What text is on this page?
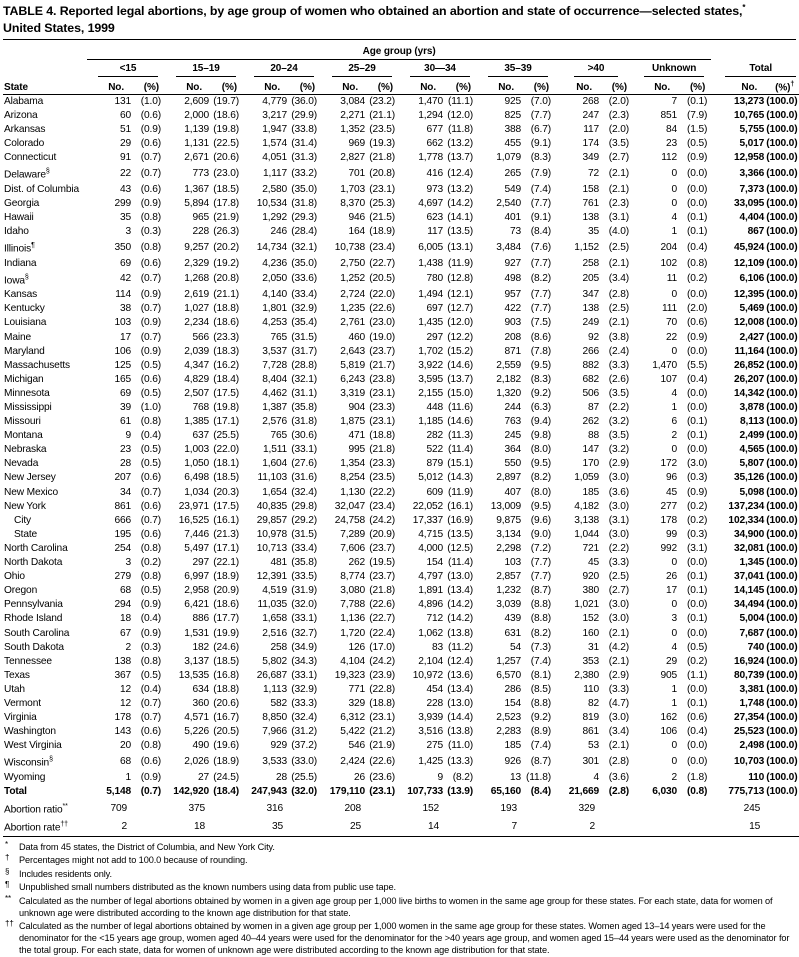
TABLE 4. Reported legal abortions, by age group of women who obtained an abortion and state of occurrence—selected states,*
United States, 1999
	Age group (yrs)																	

	<15		15–19		20–24		25–29		30—34		35–39		>40		Unknown		Total	

State	No.	(%)	No.	(%)	No.	(%)	No.	(%)	No.	(%)	No.	(%)	No.	(%)	No.	(%)	No.	(%)†
Alabama	131	(1.0)	2,609	(19.7)	4,779	(36.0)	3,084	(23.2)	1,470	(11.1)	925	(7.0)	268	(2.0)	7	(0.1)	13,273	(100.0)
Arizona	60	(0.6)	2,000	(18.6)	3,217	(29.9)	2,271	(21.1)	1,294	(12.0)	825	(7.7)	247	(2.3)	851	(7.9)	10,765	(100.0)
Arkansas	51	(0.9)	1,139	(19.8)	1,947	(33.8)	1,352	(23.5)	677	(11.8)	388	(6.7)	117	(2.0)	84	(1.5)	5,755	(100.0)
Colorado	29	(0.6)	1,131	(22.5)	1,574	(31.4)	969	(19.3)	662	(13.2)	455	(9.1)	174	(3.5)	23	(0.5)	5,017	(100.0)
Connecticut	91	(0.7)	2,671	(20.6)	4,051	(31.3)	2,827	(21.8)	1,778	(13.7)	1,079	(8.3)	349	(2.7)	112	(0.9)	12,958	(100.0)
Delaware§	22	(0.7)	773	(23.0)	1,117	(33.2)	701	(20.8)	416	(12.4)	265	(7.9)	72	(2.1)	0	(0.0)	3,366	(100.0)
Dist. of Columbia	43	(0.6)	1,367	(18.5)	2,580	(35.0)	1,703	(23.1)	973	(13.2)	549	(7.4)	158	(2.1)	0	(0.0)	7,373	(100.0)
Georgia	299	(0.9)	5,894	(17.8)	10,534	(31.8)	8,370	(25.3)	4,697	(14.2)	2,540	(7.7)	761	(2.3)	0	(0.0)	33,095	(100.0)
Hawaii	35	(0.8)	965	(21.9)	1,292	(29.3)	946	(21.5)	623	(14.1)	401	(9.1)	138	(3.1)	4	(0.1)	4,404	(100.0)
Idaho	3	(0.3)	228	(26.3)	246	(28.4)	164	(18.9)	117	(13.5)	73	(8.4)	35	(4.0)	1	(0.1)	867	(100.0)
Illinois¶	350	(0.8)	9,257	(20.2)	14,734	(32.1)	10,738	(23.4)	6,005	(13.1)	3,484	(7.6)	1,152	(2.5)	204	(0.4)	45,924	(100.0)
Indiana	69	(0.6)	2,329	(19.2)	4,236	(35.0)	2,750	(22.7)	1,438	(11.9)	927	(7.7)	258	(2.1)	102	(0.8)	12,109	(100.0)
Iowa§	42	(0.7)	1,268	(20.8)	2,050	(33.6)	1,252	(20.5)	780	(12.8)	498	(8.2)	205	(3.4)	11	(0.2)	6,106	(100.0)
Kansas	114	(0.9)	2,619	(21.1)	4,140	(33.4)	2,724	(22.0)	1,494	(12.1)	957	(7.7)	347	(2.8)	0	(0.0)	12,395	(100.0)
Kentucky	38	(0.7)	1,027	(18.8)	1,801	(32.9)	1,235	(22.6)	697	(12.7)	422	(7.7)	138	(2.5)	111	(2.0)	5,469	(100.0)
Louisiana	103	(0.9)	2,234	(18.6)	4,253	(35.4)	2,761	(23.0)	1,435	(12.0)	903	(7.5)	249	(2.1)	70	(0.6)	12,008	(100.0)
Maine	17	(0.7)	566	(23.3)	765	(31.5)	460	(19.0)	297	(12.2)	208	(8.6)	92	(3.8)	22	(0.9)	2,427	(100.0)
Maryland	106	(0.9)	2,039	(18.3)	3,537	(31.7)	2,643	(23.7)	1,702	(15.2)	871	(7.8)	266	(2.4)	0	(0.0)	11,164	(100.0)
Massachusetts	125	(0.5)	4,347	(16.2)	7,728	(28.8)	5,819	(21.7)	3,922	(14.6)	2,559	(9.5)	882	(3.3)	1,470	(5.5)	26,852	(100.0)
Michigan	165	(0.6)	4,829	(18.4)	8,404	(32.1)	6,243	(23.8)	3,595	(13.7)	2,182	(8.3)	682	(2.6)	107	(0.4)	26,207	(100.0)
Minnesota	69	(0.5)	2,507	(17.5)	4,462	(31.1)	3,319	(23.1)	2,155	(15.0)	1,320	(9.2)	506	(3.5)	4	(0.0)	14,342	(100.0)
Mississippi	39	(1.0)	768	(19.8)	1,387	(35.8)	904	(23.3)	448	(11.6)	244	(6.3)	87	(2.2)	1	(0.0)	3,878	(100.0)
Missouri	61	(0.8)	1,385	(17.1)	2,576	(31.8)	1,875	(23.1)	1,185	(14.6)	763	(9.4)	262	(3.2)	6	(0.1)	8,113	(100.0)
Montana	9	(0.4)	637	(25.5)	765	(30.6)	471	(18.8)	282	(11.3)	245	(9.8)	88	(3.5)	2	(0.1)	2,499	(100.0)
Nebraska	23	(0.5)	1,003	(22.0)	1,511	(33.1)	995	(21.8)	522	(11.4)	364	(8.0)	147	(3.2)	0	(0.0)	4,565	(100.0)
Nevada	28	(0.5)	1,050	(18.1)	1,604	(27.6)	1,354	(23.3)	879	(15.1)	550	(9.5)	170	(2.9)	172	(3.0)	5,807	(100.0)
New Jersey	207	(0.6)	6,498	(18.5)	11,103	(31.6)	8,254	(23.5)	5,012	(14.3)	2,897	(8.2)	1,059	(3.0)	96	(0.3)	35,126	(100.0)
New Mexico	34	(0.7)	1,034	(20.3)	1,654	(32.4)	1,130	(22.2)	609	(11.9)	407	(8.0)	185	(3.6)	45	(0.9)	5,098	(100.0)
New York	861	(0.6)	23,971	(17.5)	40,835	(29.8)	32,047	(23.4)	22,052	(16.1)	13,009	(9.5)	4,182	(3.0)	277	(0.2)	137,234	(100.0)
City	666	(0.7)	16,525	(16.1)	29,857	(29.2)	24,758	(24.2)	17,337	(16.9)	9,875	(9.6)	3,138	(3.1)	178	(0.2)	102,334	(100.0)
State	195	(0.6)	7,446	(21.3)	10,978	(31.5)	7,289	(20.9)	4,715	(13.5)	3,134	(9.0)	1,044	(3.0)	99	(0.3)	34,900	(100.0)
North Carolina	254	(0.8)	5,497	(17.1)	10,713	(33.4)	7,606	(23.7)	4,000	(12.5)	2,298	(7.2)	721	(2.2)	992	(3.1)	32,081	(100.0)
North Dakota	3	(0.2)	297	(22.1)	481	(35.8)	262	(19.5)	154	(11.4)	103	(7.7)	45	(3.3)	0	(0.0)	1,345	(100.0)
Ohio	279	(0.8)	6,997	(18.9)	12,391	(33.5)	8,774	(23.7)	4,797	(13.0)	2,857	(7.7)	920	(2.5)	26	(0.1)	37,041	(100.0)
Oregon	68	(0.5)	2,958	(20.9)	4,519	(31.9)	3,080	(21.8)	1,891	(13.4)	1,232	(8.7)	380	(2.7)	17	(0.1)	14,145	(100.0)
Pennsylvania	294	(0.9)	6,421	(18.6)	11,035	(32.0)	7,788	(22.6)	4,896	(14.2)	3,039	(8.8)	1,021	(3.0)	0	(0.0)	34,494	(100.0)
Rhode Island	18	(0.4)	886	(17.7)	1,658	(33.1)	1,136	(22.7)	712	(14.2)	439	(8.8)	152	(3.0)	3	(0.1)	5,004	(100.0)
South Carolina	67	(0.9)	1,531	(19.9)	2,516	(32.7)	1,720	(22.4)	1,062	(13.8)	631	(8.2)	160	(2.1)	0	(0.0)	7,687	(100.0)
South Dakota	2	(0.3)	182	(24.6)	258	(34.9)	126	(17.0)	83	(11.2)	54	(7.3)	31	(4.2)	4	(0.5)	740	(100.0)
Tennessee	138	(0.8)	3,137	(18.5)	5,802	(34.3)	4,104	(24.2)	2,104	(12.4)	1,257	(7.4)	353	(2.1)	29	(0.2)	16,924	(100.0)
Texas	367	(0.5)	13,535	(16.8)	26,687	(33.1)	19,323	(23.9)	10,972	(13.6)	6,570	(8.1)	2,380	(2.9)	905	(1.1)	80,739	(100.0)
Utah	12	(0.4)	634	(18.8)	1,113	(32.9)	771	(22.8)	454	(13.4)	286	(8.5)	110	(3.3)	1	(0.0)	3,381	(100.0)
Vermont	12	(0.7)	360	(20.6)	582	(33.3)	329	(18.8)	228	(13.0)	154	(8.8)	82	(4.7)	1	(0.1)	1,748	(100.0)
Virginia	178	(0.7)	4,571	(16.7)	8,850	(32.4)	6,312	(23.1)	3,939	(14.4)	2,523	(9.2)	819	(3.0)	162	(0.6)	27,354	(100.0)
Washington	143	(0.6)	5,226	(20.5)	7,966	(31.2)	5,422	(21.2)	3,516	(13.8)	2,283	(8.9)	861	(3.4)	106	(0.4)	25,523	(100.0)
West Virginia	20	(0.8)	490	(19.6)	929	(37.2)	546	(21.9)	275	(11.0)	185	(7.4)	53	(2.1)	0	(0.0)	2,498	(100.0)
Wisconsin§	68	(0.6)	2,026	(18.9)	3,533	(33.0)	2,424	(22.6)	1,425	(13.3)	926	(8.7)	301	(2.8)	0	(0.0)	10,703	(100.0)
Wyoming	1	(0.9)	27	(24.5)	28	(25.5)	26	(23.6)	9	(8.2)	13	(11.8)	4	(3.6)	2	(1.8)	110	(100.0)
Total	5,148	(0.7)	142,920	(18.4)	247,943	(32.0)	179,110	(23.1)	107,733	(13.9)	65,160	(8.4)	21,669	(2.8)	6,030	(0.8)	775,713	(100.0)
Abortion ratio**	709		375		316		208		152		193		329				245	
Abortion rate††	2		18		35		25		14		7		2				15	
* Data from 45 states, the District of Columbia, and New York City.
† Percentages might not add to 100.0 because of rounding.
§ Includes residents only.
¶ Unpublished small numbers distributed as the known numbers using data from public use tape.
** Calculated as the number of legal abortions obtained by women in a given age group per 1,000 live births to women in the same age group for these states. For each state, data for women of unknown age were distributed according to the known age distribution for that state.
†† Calculated as the number of legal abortions obtained by women in a given age group per 1,000 women in the same age group for these states. Women aged 13–14 years were used for the denominator for the <15 years age group, women aged 40–44 years were used for the denominator for the >40 years age group, and women aged 15–44 years were used as the denominator for the total group. For each state, data for women of unknown age were distributed according to the known age distribution for that state.
